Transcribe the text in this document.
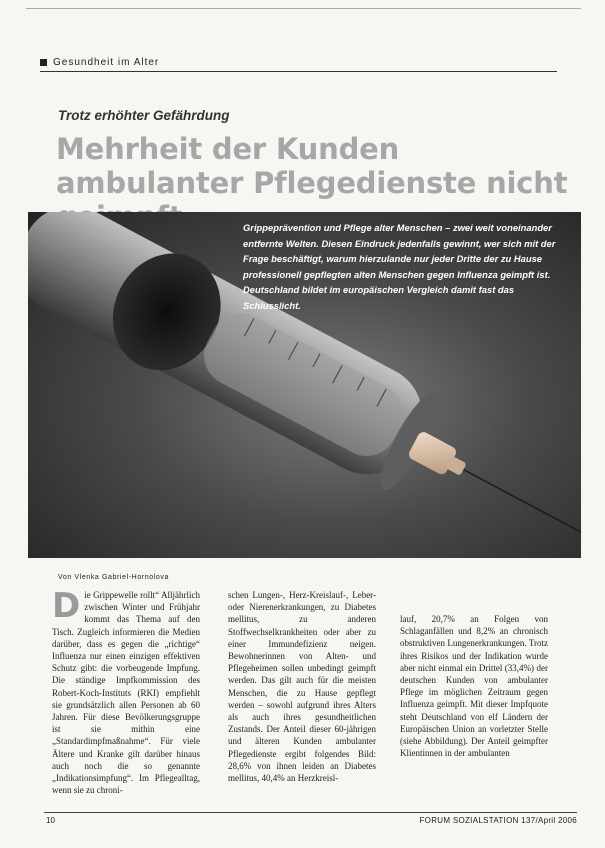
Gesundheit im Alter
Trotz erhöhter Gefährdung
Mehrheit der Kunden ambulanter Pflegedienste nicht
Grippeprävention und Pflege alter Menschen – zwei weit voneinander entfernte Welten. Diesen Eindruck jedenfalls gewinnt, wer sich mit der Frage beschäftigt, warum hierzulande nur jeder Dritte der zu Hause professionell gepflegten alten Menschen gegen Influenza geimpft ist. Deutschland bildet im europäischen Vergleich damit fast das Schlusslicht.
Von Vlenka Gabriel-Hornolova
D ie Grippewelle rollt“ Alljährlich zwischen Winter und Frühjahr kommt das Thema auf den Tisch. Zugleich informieren die Medien darüber, dass es gegen die „richtige“ Influenza nur einen einzigen effektiven Schutz gibt: die vorbeugende Impfung. Die ständige Impfkommission des Robert-Koch-Instituts (RKI) empfiehlt sie grundsätzlich allen Personen ab 60 Jahren. Für diese Bevölkerungsgruppe ist sie mithin eine „Standardimpfmaßnahme“. Für viele Ältere und Kranke gilt darüber hinaus auch noch die so genannte „Indikationsimpfung“. Im Pflegealltag, wenn sie zu chroni-

schen Lungen-, Herz-Kreislauf-, Leber- oder Nierenerkrankungen, zu Diabetes mellitus, zu anderen Stoffwechselkrankheiten oder aber zu einer Immundefizienz neigen. Bewohnerinnen von Alten- und Pflegeheimen sollen unbedingt geimpft werden. Das gilt auch für die meisten Menschen, die zu Hause gepflegt werden – sowohl aufgrund ihres Alters als auch ihres gesundheitlichen Zustands. Der Anteil dieser 60-jährigen und älteren Kunden ambulanter Pflegedienste ergibt folgendes Bild: 28,6% von ihnen leiden an Diabetes mellitus, 40,4% an Herzkreisl-

lauf, 20,7% an Folgen von Schlaganfällen und 8,2% an chronisch obstruktiven Lungenerkrankungen. Trotz ihres Risikos und der Indikation wurde aber nicht einmal ein Drittel (33,4%) der deutschen Kunden von ambulanter Pflege im möglichen Zeitraum gegen Influenza geimpft. Mit dieser Impfquote steht Deutschland von elf Ländern der Europäischen Union an vorletzter Stelle (siehe Abbildung). Der Anteil geimpfter Klientinnen in der ambulanten

10	FORUM SOZIALSTATION 137/April 2006
